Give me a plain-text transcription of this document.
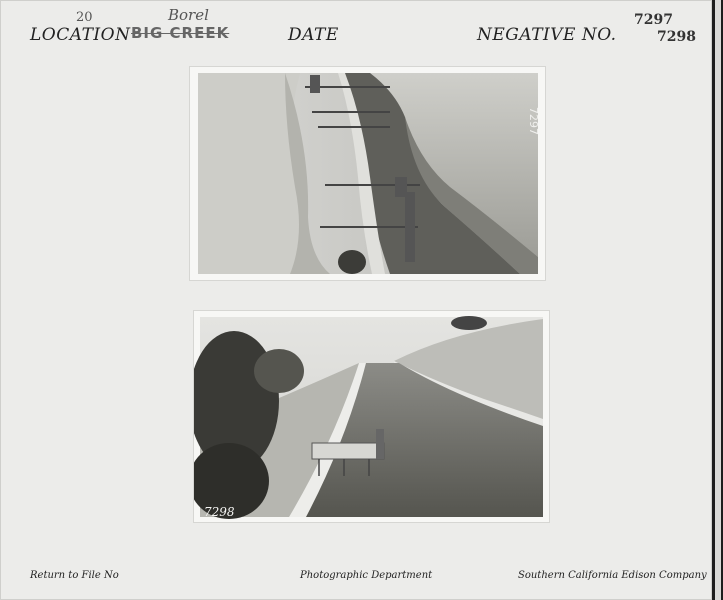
LOCATION
20	Borel
BIG CREEK	DATE	NEGATIVE NO.
7297
7298
7297
7298
Return to File No	Photographic Department	Southern California Edison Company
